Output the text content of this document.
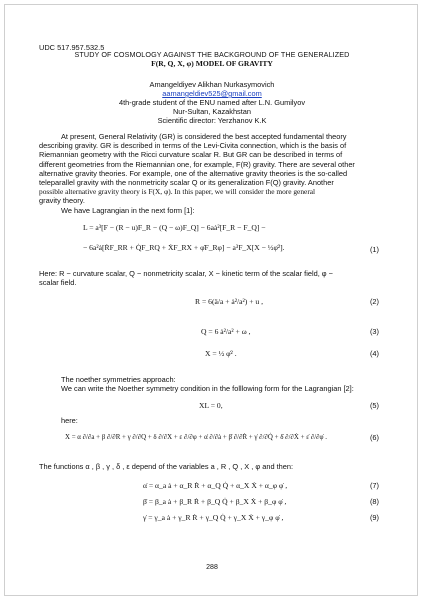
UDC 517.957.532.5
STUDY OF COSMOLOGY AGAINST THE BACKGROUND OF THE GENERALIZED
F(R, Q, X, φ) MODEL OF GRAVITY
Amangeldiyev Alikhan Nurkasymovich
aamangeldiev525@gmail.com
4th-grade student of the ENU named after L.N. Gumilyov
Nur-Sultan, Kazakhstan
Scientific director: Yerzhanov K.K
At present, General Relativity (GR) is considered the best accepted fundamental theory
describing gravity. GR is described in terms of the Levi-Civita connection, which is the basis of
Riemannian geometry with the Ricci curvature scalar R. But GR can be described in terms of
different geometries from the Riemannian one, for example, F(R) gravity. There are several other
alternative gravity theories. For example, one of the alternative gravity theories is the so-called
teleparallel gravity with the nonmetricity scalar Q or its generalization F(Q) gravity. Another
possible alternative gravity theory is F(X, φ). In this paper, we will consider the more general
gravity theory.
We have Lagrangian in the next form [1]:
L = a³[F − (R − u)F_R − (Q − ω)F_Q] − 6aȧ²[F_R − F_Q] −
− 6a²ȧ[ṘF_RR + Q̇F_RQ + ẊF_RX + φ̇F_Rφ] − a³F_X[X − ½φ̇²].	(1)
Here: R − curvature scalar, Q − nonmetricity scalar, X − kinetic term of the scalar field, φ −
scalar field.
R = 6(ä/a + ȧ²/a²) + u ,	(2)
Q = 6 ȧ²/a² + ω ,	(3)
X = ½ φ̇² .	(4)
The noether symmetries approach:
We can write the Noether symmetry condition in the folllowing form for the Lagrangian [2]:
XL = 0,	(5)
here:
X = α ∂/∂a + β ∂/∂R + γ ∂/∂Q + δ ∂/∂X + ε ∂/∂φ + α̇ ∂/∂ȧ + β̇ ∂/∂Ṙ + γ̇ ∂/∂Q̇ + δ̇ ∂/∂Ẋ + ε̇ ∂/∂φ̇ .	(6)
The functions α , β , γ , δ , ε depend of the variables a , R , Q , X , φ and then:
α̇ = α_a ȧ + α_R Ṙ + α_Q Q̇ + α_X Ẋ + α_φ φ̇ ,	(7)
β̇ = β_a ȧ + β_R Ṙ + β_Q Q̇ + β_X Ẋ + β_φ φ̇ ,	(8)
γ̇ = γ_a ȧ + γ_R Ṙ + γ_Q Q̇ + γ_X Ẋ + γ_φ φ̇ ,	(9)
288
